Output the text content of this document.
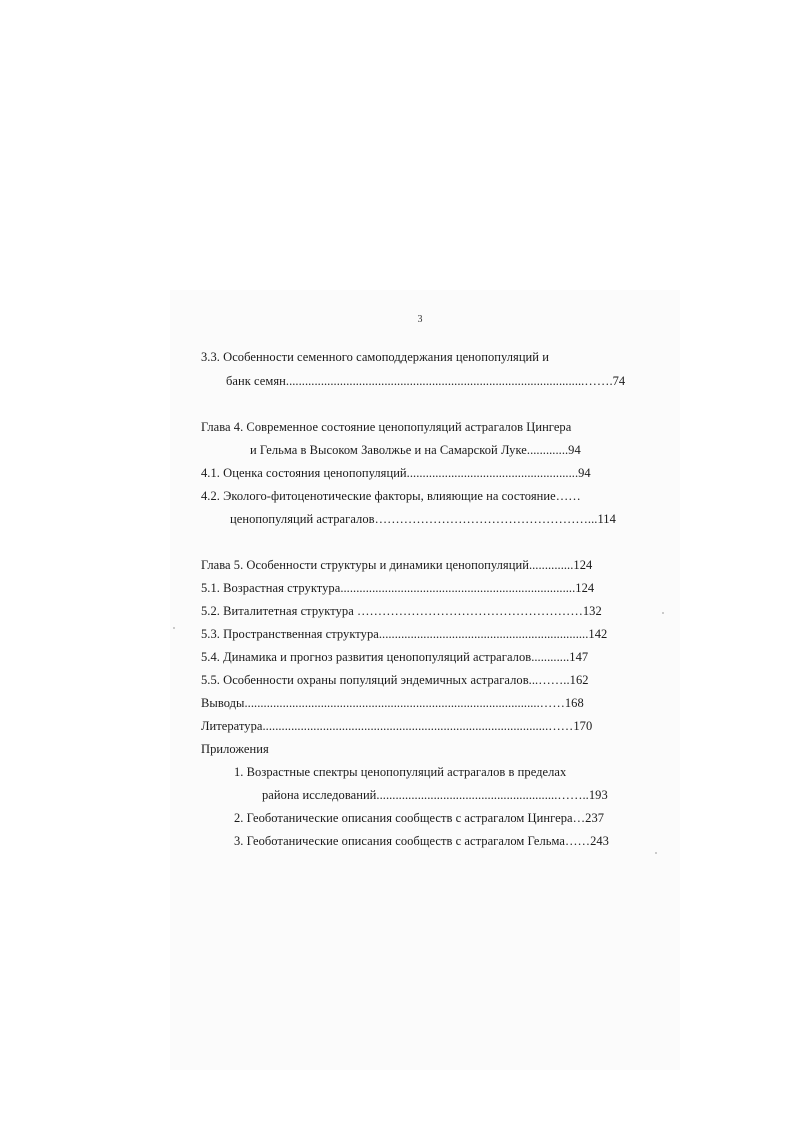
3
3.3. Особенности семенного самоподдержания ценопопуляций и
банк семян..............................................................................................…….74
Глава 4. Современное состояние ценопопуляций астрагалов Цингера
и Гельма в Высоком Заволжье и на Самарской Луке.............94
4.1. Оценка состояния ценопопуляций......................................................94
4.2. Эколого-фитоценотические факторы, влияющие на состояние……
ценопопуляций астрагалов……………………………………………...114
Глава 5. Особенности структуры и динамики ценопопуляций..............124
5.1. Возрастная структура..........................................................................124
5.2. Виталитетная структура ………………………………………………132
5.3. Пространственная структура..................................................................142
5.4. Динамика и прогноз развития ценопопуляций астрагалов............147
5.5. Особенности охраны популяций эндемичных астрагалов...……..162
Выводы.............................................................................................……168
Литература..........................................................................................……170
Приложения
1. Возрастные спектры ценопопуляций астрагалов в пределах
района исследований.........................................................……..193
2. Геоботанические описания сообществ с астрагалом Цингера…237
3. Геоботанические описания сообществ с астрагалом Гельма……243
